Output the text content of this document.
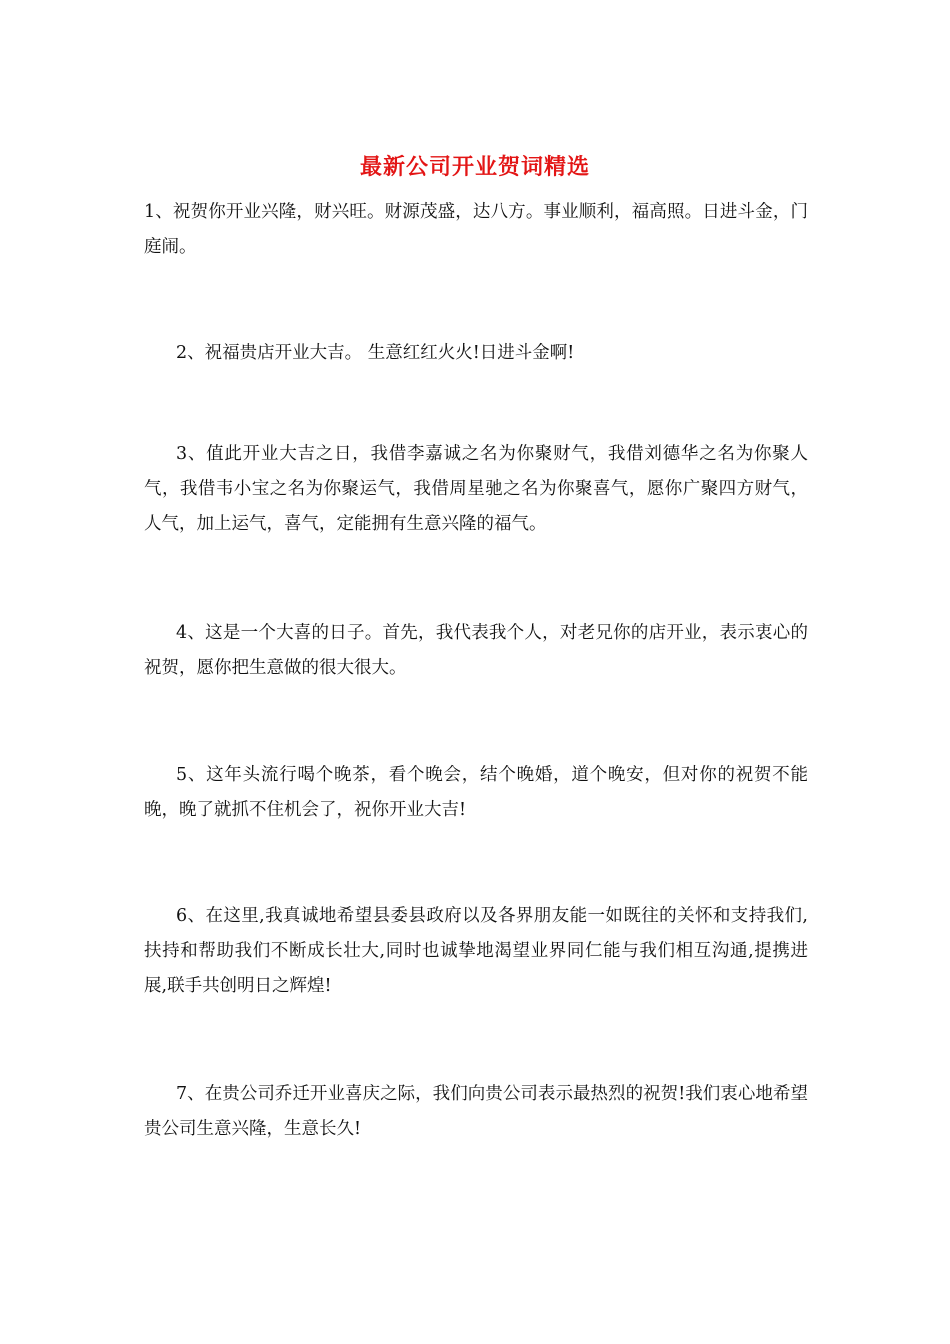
最新公司开业贺词精选

1、祝贺你开业兴隆，财兴旺。财源茂盛，达八方。事业顺利，福高照。日进斗金，门庭闹。

2、祝福贵店开业大吉。 生意红红火火!日进斗金啊!

3、值此开业大吉之日，我借李嘉诚之名为你聚财气，我借刘德华之名为你聚人气，我借韦小宝之名为你聚运气，我借周星驰之名为你聚喜气，愿你广聚四方财气，人气，加上运气，喜气，定能拥有生意兴隆的福气。

4、这是一个大喜的日子。首先，我代表我个人，对老兄你的店开业，表示衷心的祝贺，愿你把生意做的很大很大。

5、这年头流行喝个晚茶，看个晚会，结个晚婚，道个晚安，但对你的祝贺不能晚，晚了就抓不住机会了，祝你开业大吉!

6、在这里,我真诚地希望县委县政府以及各界朋友能一如既往的关怀和支持我们,扶持和帮助我们不断成长壮大,同时也诚挚地渴望业界同仁能与我们相互沟通,提携进展,联手共创明日之辉煌!

7、在贵公司乔迁开业喜庆之际，我们向贵公司表示最热烈的祝贺!我们衷心地希望贵公司生意兴隆，生意长久!
